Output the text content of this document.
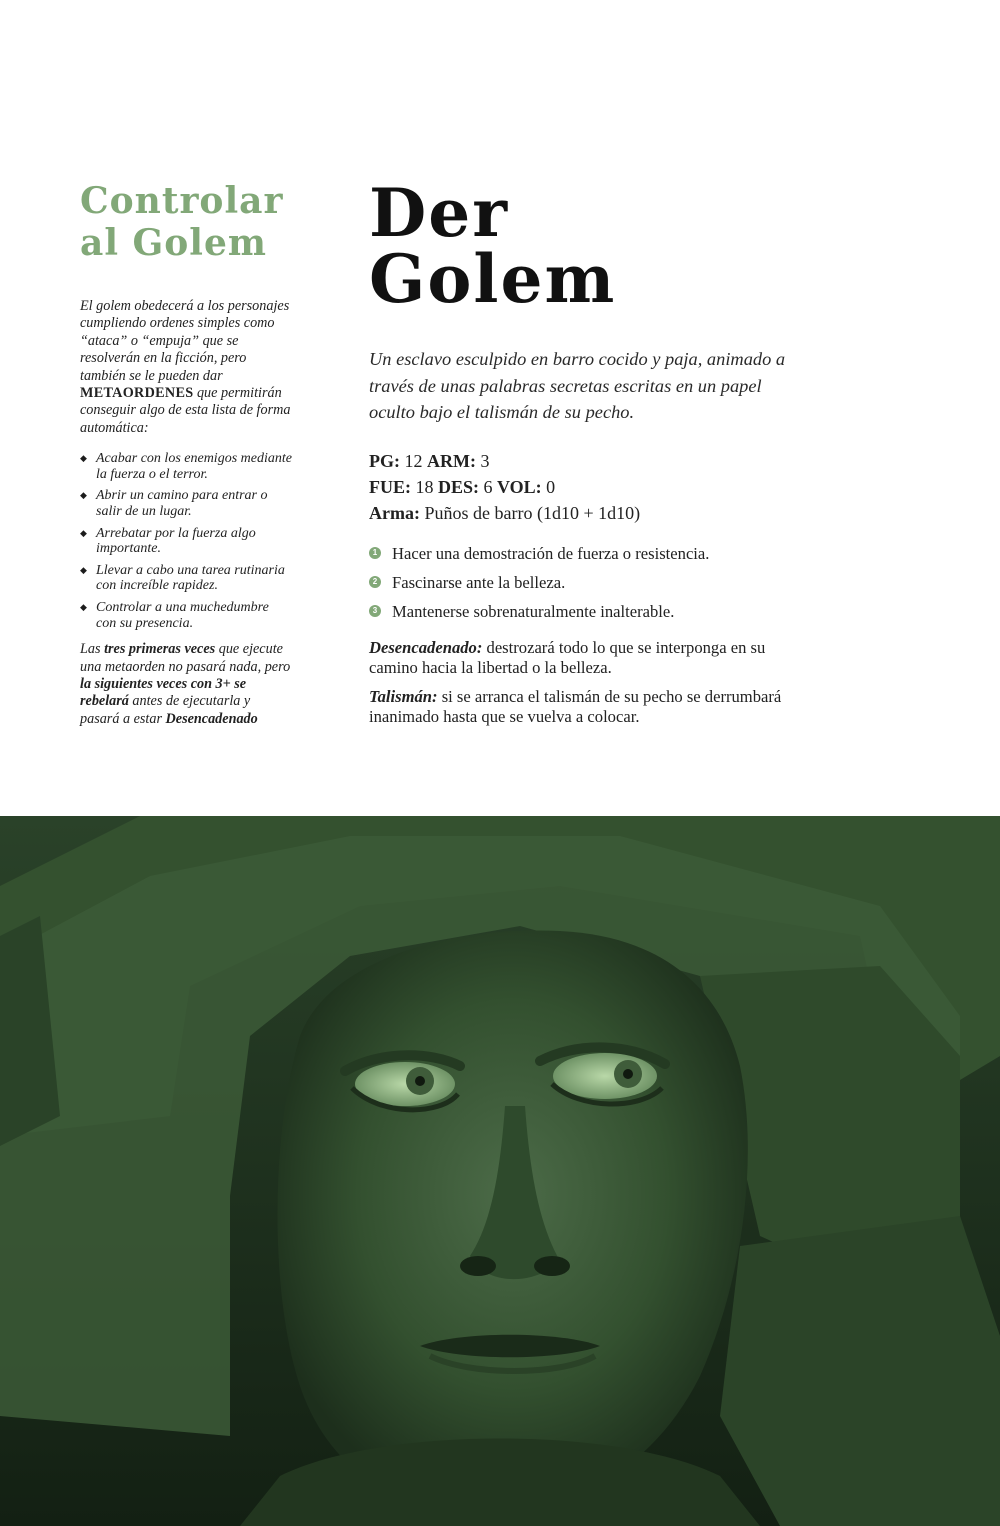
Controlar
al Golem

El golem obedecerá a los personajes cumpliendo ordenes simples como “ataca” o “empuja” que se resolverán en la ficción, pero también se le pueden dar METAORDENES que permitirán conseguir algo de esta lista de forma automática:

◆ Acabar con los enemigos mediante la fuerza o el terror.
◆ Abrir un camino para entrar o salir de un lugar.
◆ Arrebatar por la fuerza algo importante.
◆ Llevar a cabo una tarea rutinaria con increíble rapidez.
◆ Controlar a una muchedumbre con su presencia.

Las tres primeras veces que ejecute una metaorden no pasará nada, pero la siguientes veces con 3+ se rebelará antes de ejecutarla y pasará a estar Desencadenado

Der
Golem

Un esclavo esculpido en barro cocido y paja, animado a través de unas palabras secretas escritas en un papel oculto bajo el talismán de su pecho.

PG: 12 ARM: 3
FUE: 18 DES: 6 VOL: 0
Arma: Puños de barro (1d10 + 1d10)
1 Hacer una demostración de fuerza o resistencia.
2 Fascinarse ante la belleza.
3 Mantenerse sobrenaturalmente inalterable.

Desencadenado: destrozará todo lo que se interponga en su camino hacia la libertad o la belleza.

Talismán: si se arranca el talismán de su pecho se derrumbará inanimado hasta que se vuelva a colocar.
